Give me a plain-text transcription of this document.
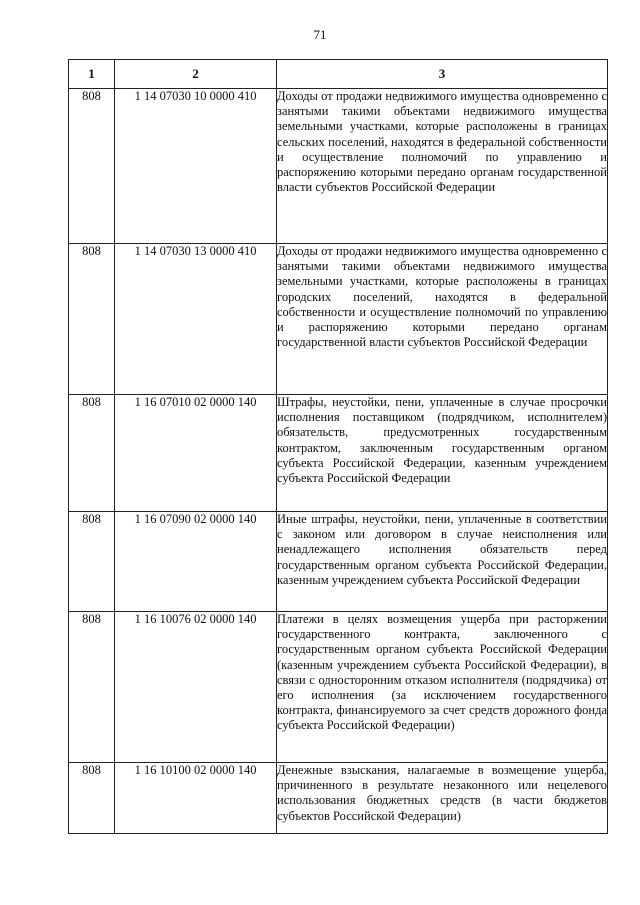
71
1	2	3
808	1 14 07030 10 0000 410	Доходы от продажи недвижимого имущества одновременно с занятыми такими объектами недвижимого имущества земельными участками, которые расположены в границах сельских поселений, находятся в федеральной собственности и осуществление полномочий по управлению и распоряжению которыми передано органам государственной власти субъектов Российской Федерации
808	1 14 07030 13 0000 410	Доходы от продажи недвижимого имущества одновременно с занятыми такими объектами недвижимого имущества земельными участками, которые расположены в границах городских поселений, находятся в федеральной собственности и осуществление полномочий по управлению и распоряжению которыми передано органам государственной власти субъектов Российской Федерации
808	1 16 07010 02 0000 140	Штрафы, неустойки, пени, уплаченные в случае просрочки исполнения поставщиком (подрядчиком, исполнителем) обязательств, предусмотренных государственным контрактом, заключенным государственным органом субъекта Российской Федерации, казенным учреждением субъекта Российской Федерации
808	1 16 07090 02 0000 140	Иные штрафы, неустойки, пени, уплаченные в соответствии с законом или договором в случае неисполнения или ненадлежащего исполнения обязательств перед государственным органом субъекта Российской Федерации, казенным учреждением субъекта Российской Федерации
808	1 16 10076 02 0000 140	Платежи в целях возмещения ущерба при расторжении государственного контракта, заключенного с государственным органом субъекта Российской Федерации (казенным учреждением субъекта Российской Федерации), в связи с односторонним отказом исполнителя (подрядчика) от его исполнения (за исключением государственного контракта, финансируемого за счет средств дорожного фонда субъекта Российской Федерации)
808	1 16 10100 02 0000 140	Денежные взыскания, налагаемые в возмещение ущерба, причиненного в результате незаконного или нецелевого использования бюджетных средств (в части бюджетов субъектов Российской Федерации)
